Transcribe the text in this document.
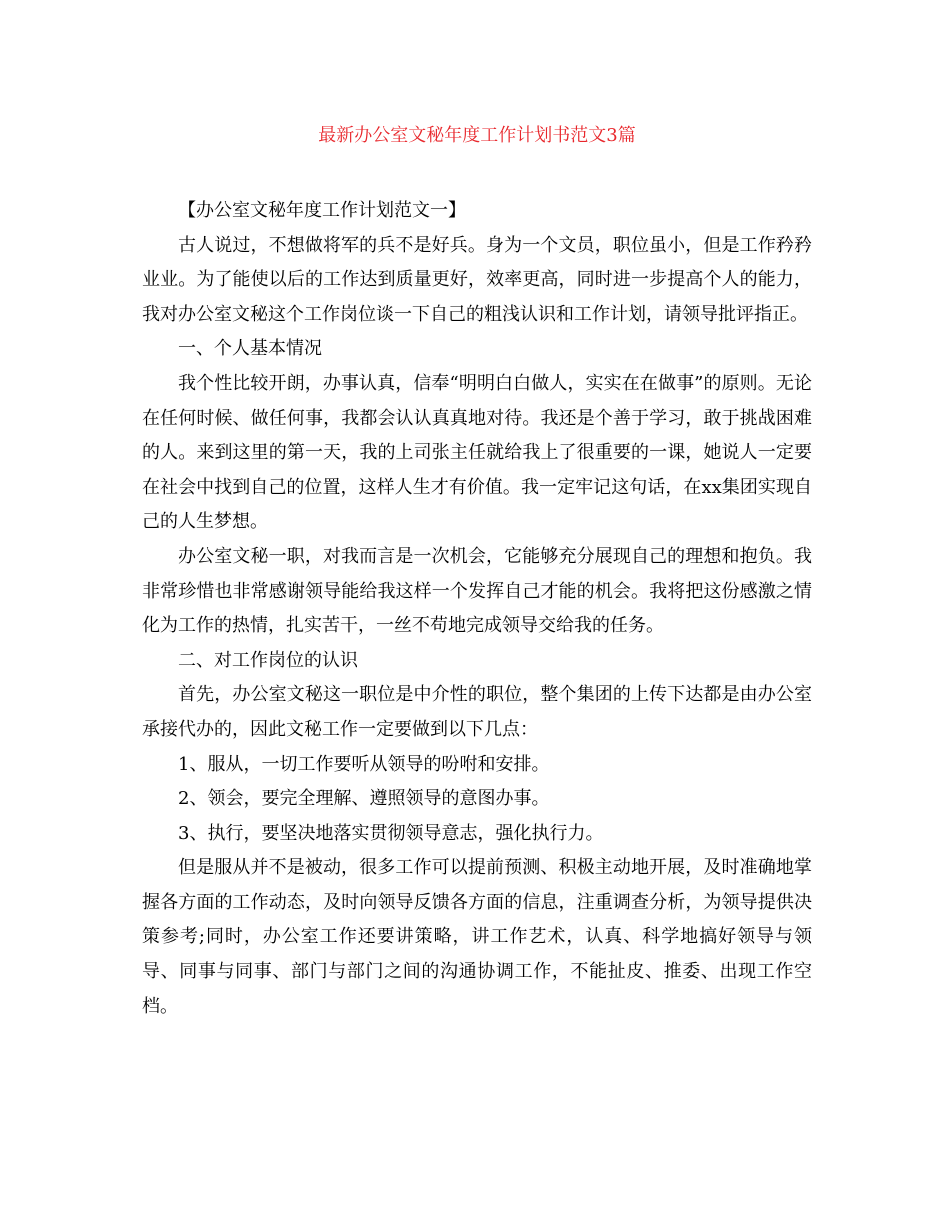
最新办公室文秘年度工作计划书范文3篇

【办公室文秘年度工作计划范文一】

古人说过，不想做将军的兵不是好兵。身为一个文员，职位虽小，但是工作矜矜业业。为了能使以后的工作达到质量更好，效率更高，同时进一步提高个人的能力，我对办公室文秘这个工作岗位谈一下自己的粗浅认识和工作计划，请领导批评指正。

一、个人基本情况

我个性比较开朗，办事认真，信奉“明明白白做人，实实在在做事”的原则。无论在任何时候、做任何事，我都会认认真真地对待。我还是个善于学习，敢于挑战困难的人。来到这里的第一天，我的上司张主任就给我上了很重要的一课，她说人一定要在社会中找到自己的位置，这样人生才有价值。我一定牢记这句话，在xx集团实现自己的人生梦想。

办公室文秘一职，对我而言是一次机会，它能够充分展现自己的理想和抱负。我非常珍惜也非常感谢领导能给我这样一个发挥自己才能的机会。我将把这份感激之情化为工作的热情，扎实苦干，一丝不苟地完成领导交给我的任务。

二、对工作岗位的认识

首先，办公室文秘这一职位是中介性的职位，整个集团的上传下达都是由办公室承接代办的，因此文秘工作一定要做到以下几点：

1、服从，一切工作要听从领导的吩咐和安排。

2、领会，要完全理解、遵照领导的意图办事。

3、执行，要坚决地落实贯彻领导意志，强化执行力。

但是服从并不是被动，很多工作可以提前预测、积极主动地开展，及时准确地掌握各方面的工作动态，及时向领导反馈各方面的信息，注重调查分析，为领导提供决策参考;同时，办公室工作还要讲策略，讲工作艺术，认真、科学地搞好领导与领导、同事与同事、部门与部门之间的沟通协调工作，不能扯皮、推委、出现工作空档。
